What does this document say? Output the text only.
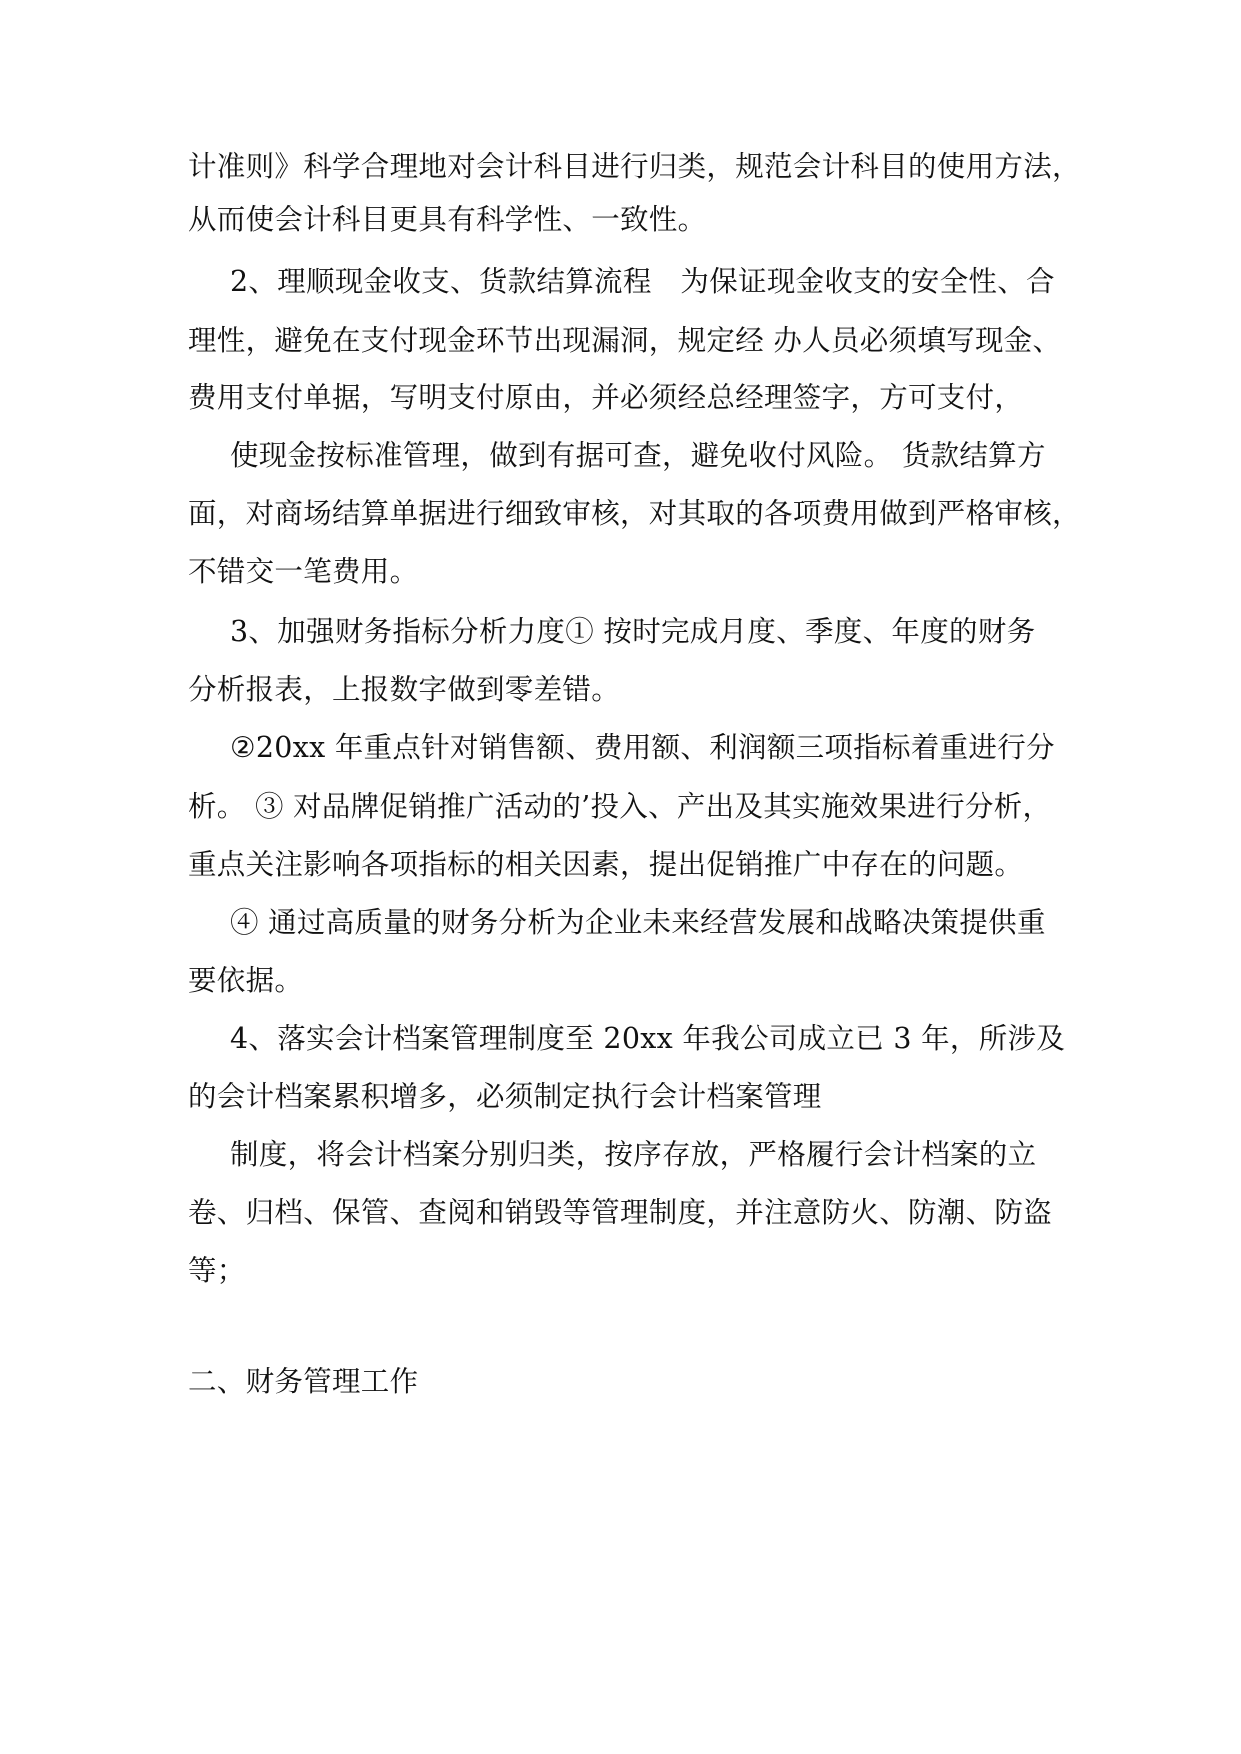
计准则》科学合理地对会计科目进行归类，规范会计科目的使用方法，
从而使会计科目更具有科学性、一致性。
2、理顺现金收支、货款结算流程　为保证现金收支的安全性、合
理性，避免在支付现金环节出现漏洞，规定经 办人员必须填写现金、
费用支付单据，写明支付原由，并必须经总经理签字，方可支付，
使现金按标准管理，做到有据可查，避免收付风险。 货款结算方
面，对商场结算单据进行细致审核，对其取的各项费用做到严格审核，
不错交一笔费用。
3、加强财务指标分析力度① 按时完成月度、季度、年度的财务
分析报表，上报数字做到零差错。
②20xx 年重点针对销售额、费用额、利润额三项指标着重进行分
析。 ③ 对品牌促销推广活动的’投入、产出及其实施效果进行分析，
重点关注影响各项指标的相关因素，提出促销推广中存在的问题。
④ 通过高质量的财务分析为企业未来经营发展和战略决策提供重
要依据。
4、落实会计档案管理制度至 20xx 年我公司成立已 3 年，所涉及
的会计档案累积增多，必须制定执行会计档案管理
制度，将会计档案分别归类，按序存放，严格履行会计档案的立
卷、归档、保管、查阅和销毁等管理制度，并注意防火、防潮、防盗
等；
二、财务管理工作
